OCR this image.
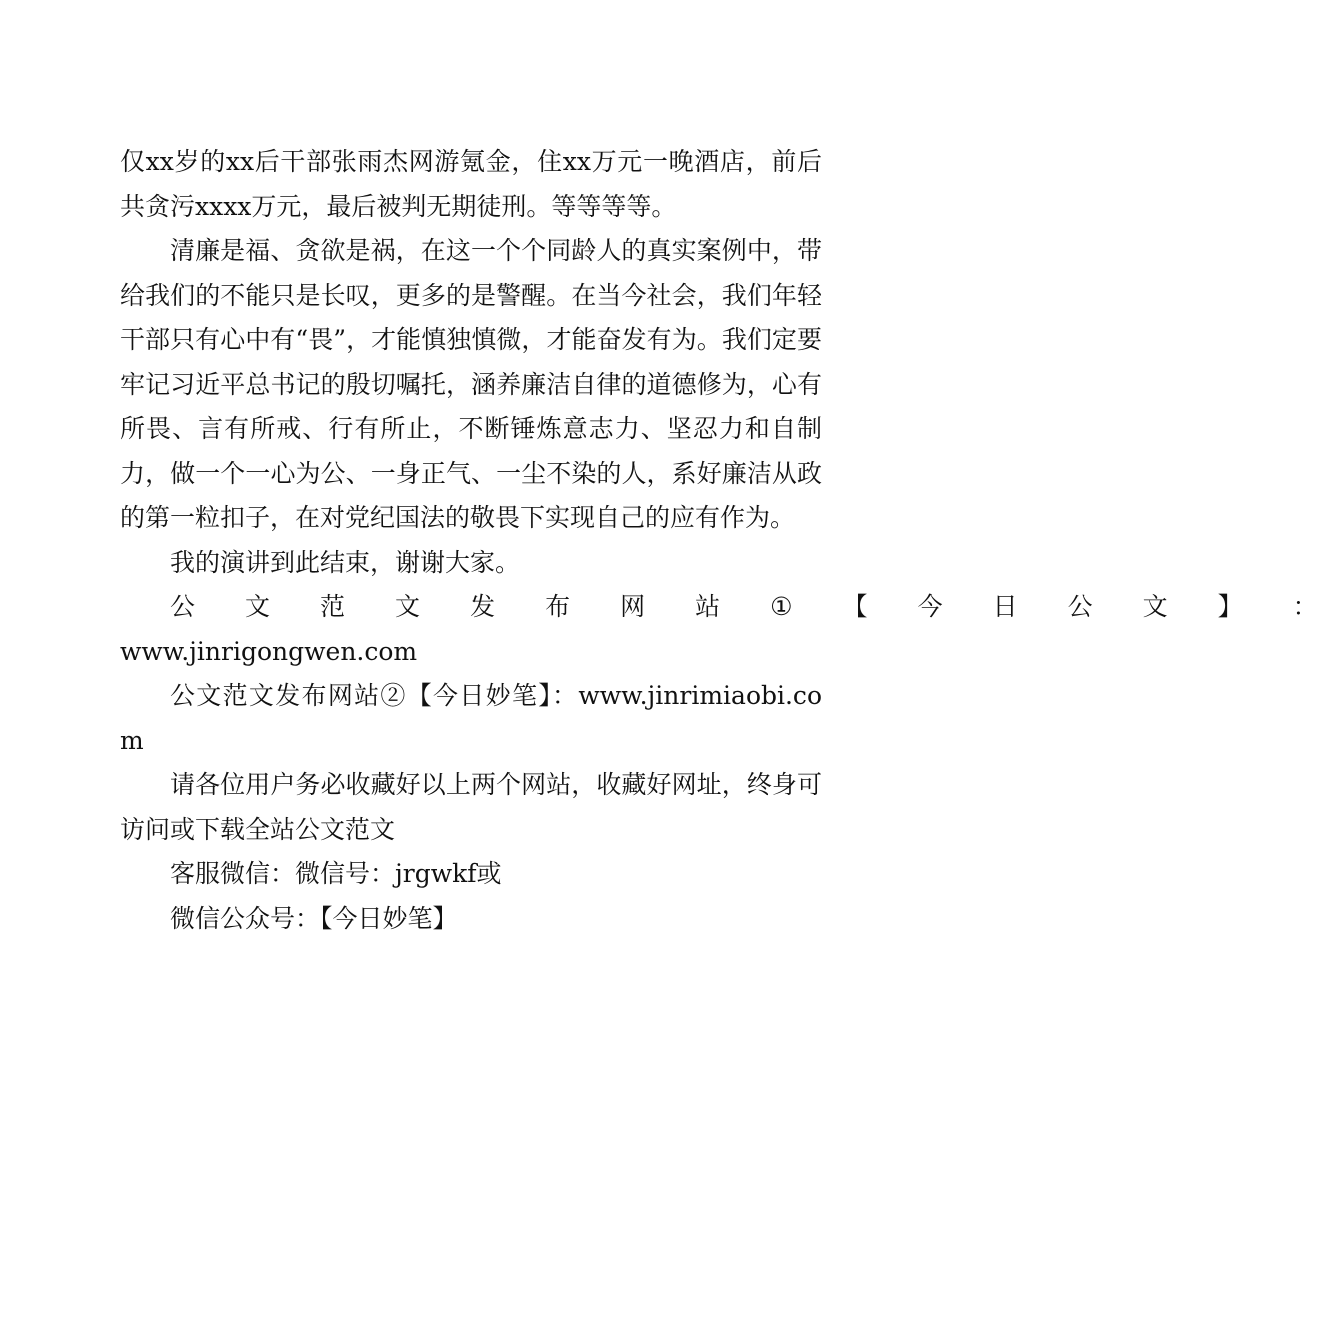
仅xx岁的xx后干部张雨杰网游氪金，住xx万元一晚酒店，前后共贪污xxxx万元，最后被判无期徒刑。等等等等。

清廉是福、贪欲是祸，在这一个个同龄人的真实案例中，带给我们的不能只是长叹，更多的是警醒。在当今社会，我们年轻干部只有心中有“畏”，才能慎独慎微，才能奋发有为。我们定要牢记习近平总书记的殷切嘱托，涵养廉洁自律的道德修为，心有所畏、言有所戒、行有所止，不断锤炼意志力、坚忍力和自制力，做一个一心为公、一身正气、一尘不染的人，系好廉洁从政的第一粒扣子，在对党纪国法的敬畏下实现自己的应有作为。

我的演讲到此结束，谢谢大家。

公	文	范	文	发	布	网	站	①	【	今	日	公	文	】	：

www.jinrigongwen.com

公文范文发布网站②【今日妙笔】：www.jinrimiaobi.com

请各位用户务必收藏好以上两个网站，收藏好网址，终身可访问或下载全站公文范文

客服微信：微信号：jrgwkf或

微信公众号：【今日妙笔】
